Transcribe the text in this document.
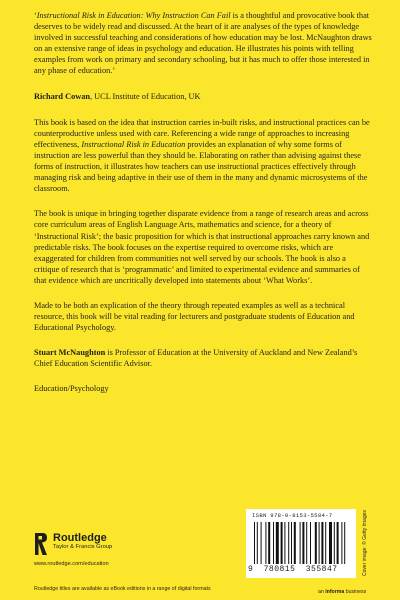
‘Instructional Risk in Education: Why Instruction Can Fail is a thoughtful and provocative book that deserves to be widely read and discussed. At the heart of it are analyses of the types of knowledge involved in successful teaching and considerations of how education may be lost. McNaughton draws on an extensive range of ideas in psychology and education. He illustrates his points with telling examples from work on primary and secondary schooling, but it has much to offer those interested in any phase of education.’

Richard Cowan, UCL Institute of Education, UK

This book is based on the idea that instruction carries in-built risks, and instructional practices can be counterproductive unless used with care. Referencing a wide range of approaches to increasing effectiveness, Instructional Risk in Education provides an explanation of why some forms of instruction are less powerful than they should be. Elaborating on rather than advising against these forms of instruction, it illustrates how teachers can use instructional practices effectively through managing risk and being adaptive in their use of them in the many and dynamic microsystems of the classroom.

The book is unique in bringing together disparate evidence from a range of research areas and across core curriculum areas of English Language Arts, mathematics and science, for a theory of ‘Instructional Risk’; the basic proposition for which is that instructional approaches carry known and predictable risks. The book focuses on the expertise required to overcome risks, which are exaggerated for children from communities not well served by our schools. The book is also a critique of research that is ‘programmatic’ and limited to experimental evidence and summaries of that evidence which are uncritically developed into statements about ‘What Works’.

Made to be both an explication of the theory through repeated examples as well as a technical resource, this book will be vital reading for lecturers and postgraduate students of Education and Educational Psychology.

Stuart McNaughton is Professor of Education at the University of Auckland and New Zealand’s Chief Education Scientific Advisor.

Education/Psychology

Routledge
Taylor & Francis Group
www.routledge.com/education
Routledge titles are available as eBook editions in a range of digital formats
ISBN 978-0-8153-5584-7
9 780815 355847	Cover image: © Getty Images
an informa business
